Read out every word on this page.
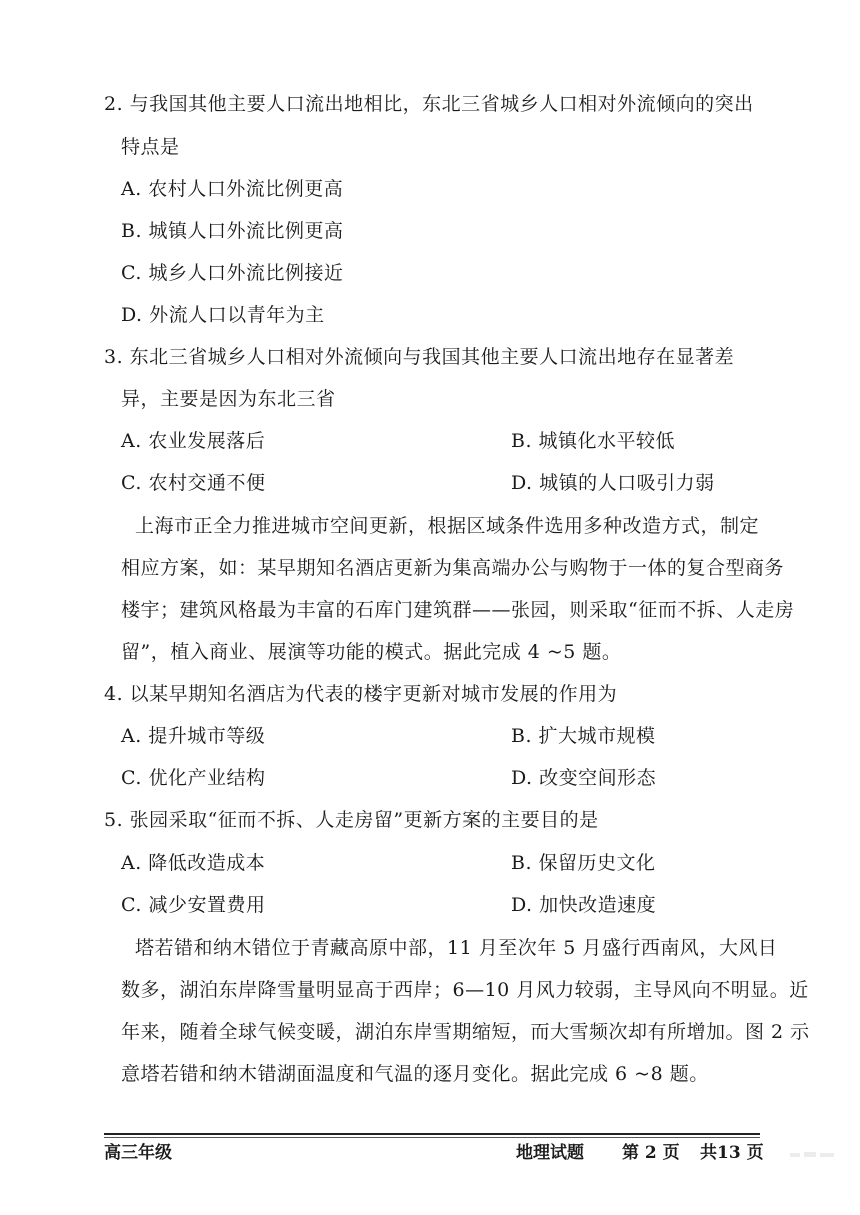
2. 与我国其他主要人口流出地相比，东北三省城乡人口相对外流倾向的突出
特点是
A. 农村人口外流比例更高
B. 城镇人口外流比例更高
C. 城乡人口外流比例接近
D. 外流人口以青年为主
3. 东北三省城乡人口相对外流倾向与我国其他主要人口流出地存在显著差
异，主要是因为东北三省
A. 农业发展落后	B. 城镇化水平较低
C. 农村交通不便	D. 城镇的人口吸引力弱
上海市正全力推进城市空间更新，根据区域条件选用多种改造方式，制定
相应方案，如：某早期知名酒店更新为集高端办公与购物于一体的复合型商务
楼宇；建筑风格最为丰富的石库门建筑群——张园，则采取“征而不拆、人走房
留”，植入商业、展演等功能的模式。据此完成 4 ~5 题。
4. 以某早期知名酒店为代表的楼宇更新对城市发展的作用为
A. 提升城市等级	B. 扩大城市规模
C. 优化产业结构	D. 改变空间形态
5. 张园采取“征而不拆、人走房留”更新方案的主要目的是
A. 降低改造成本	B. 保留历史文化
C. 减少安置费用	D. 加快改造速度
塔若错和纳木错位于青藏高原中部，11 月至次年 5 月盛行西南风，大风日
数多，湖泊东岸降雪量明显高于西岸；6—10 月风力较弱，主导风向不明显。近
年来，随着全球气候变暖，湖泊东岸雪期缩短，而大雪频次却有所增加。图 2 示
意塔若错和纳木错湖面温度和气温的逐月变化。据此完成 6 ~8 题。
高三年级	地理试题 第 2 页 共13 页
